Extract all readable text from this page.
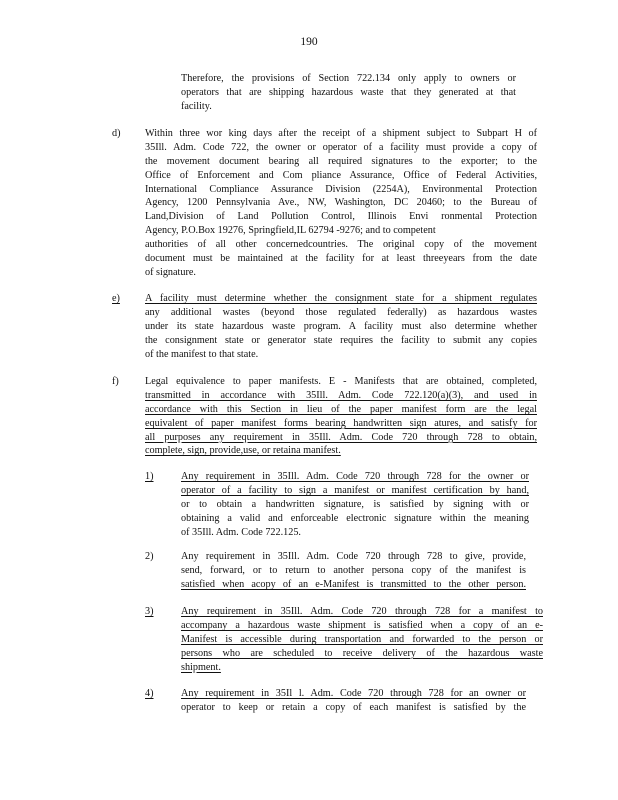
190
Therefore, the provisions of Section 722.134 only apply to owners or
operators that are shipping hazardous waste that they generated at that
facility.
d) Within three wor king days after the receipt of a shipment subject to Subpart H of
35Ill. Adm. Code 722, the owner or operator of a facility must provide a copy of
the movement document bearing all required signatures to the exporter; to the
Office of Enforcement and Com pliance Assurance, Office of Federal Activities,
International Compliance Assurance Division (2254A), Environmental Protection
Agency, 1200 Pennsylvania Ave., NW, Washington, DC 20460; to the Bureau of
Land,Division of Land Pollution Control, Illinois Envi ronmental Protection
Agency, P.O.Box 19276, Springfield,IL 62794 -9276; and to competent
authorities of all other concernedcountries. The original copy of the movement
document must be maintained at the facility for at least threeyears from the date
of signature.
e) A facility must determine whether the consignment state for a shipment regulates
any additional wastes (beyond those regulated federally) as hazardous wastes
under its state hazardous waste program. A facility must also determine whether
the consignment state or generator state requires the facility to submit any copies
of the manifest to that state.
f)	Legal equivalence to paper manifests. E - Manifests that are obtained, completed,
transmitted in accordance with 35Ill. Adm. Code 722.120(a)(3), and used in
accordance with this Section in lieu of the paper manifest form are the legal
equivalent of paper manifest forms bearing handwritten sign atures, and satisfy for
all purposes any requirement in 35Ill. Adm. Code 720 through 728 to obtain,
complete, sign, provide,use, or retaina manifest.
1)	Any requirement in 35Ill. Adm. Code 720 through 728 for the owner or
operator of a facility to sign a manifest or manifest certification by hand,
or to obtain a handwritten signature, is satisfied by signing with or
obtaining a valid and enforceable electronic signature within the meaning
of 35Ill. Adm. Code 722.125.
2)	Any requirement in 35Ill. Adm. Code 720 through 728 to give, provide,
send, forward, or to return to another persona copy of the manifest is
satisfied when acopy of an e-Manifest is transmitted to the other person.
3)	Any requirement in 35Ill. Adm. Code 720 through 728 for a manifest to
accompany a hazardous waste shipment is satisfied when a copy of an e-
Manifest is accessible during transportation and forwarded to the person or
persons who are scheduled to receive delivery of the hazardous waste
shipment.
4)	Any requirement in 35Il l. Adm. Code 720 through 728 for an owner or
operator to keep or retain a copy of each manifest is satisfied by the
